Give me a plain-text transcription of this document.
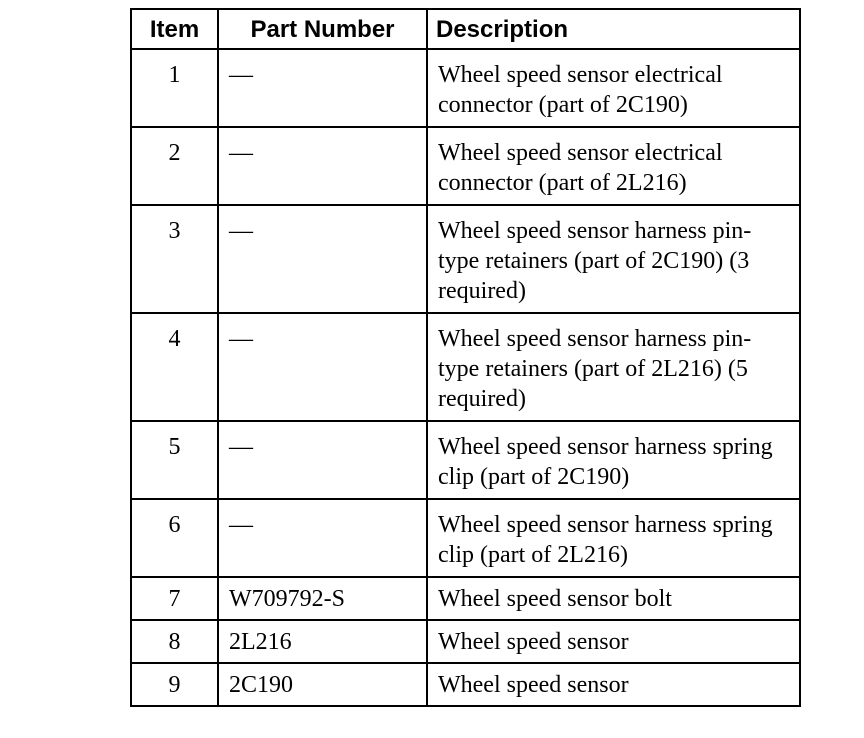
Item	Part Number	Description
1	—	Wheel speed sensor electrical connector (part of 2C190)
2	—	Wheel speed sensor electrical connector (part of 2L216)
3	—	Wheel speed sensor harness pin-type retainers (part of 2C190) (3 required)
4	—	Wheel speed sensor harness pin-type retainers (part of 2L216) (5 required)
5	—	Wheel speed sensor harness spring clip (part of 2C190)
6	—	Wheel speed sensor harness spring clip (part of 2L216)
7	W709792-S	Wheel speed sensor bolt
8	2L216	Wheel speed sensor
9	2C190	Wheel speed sensor
